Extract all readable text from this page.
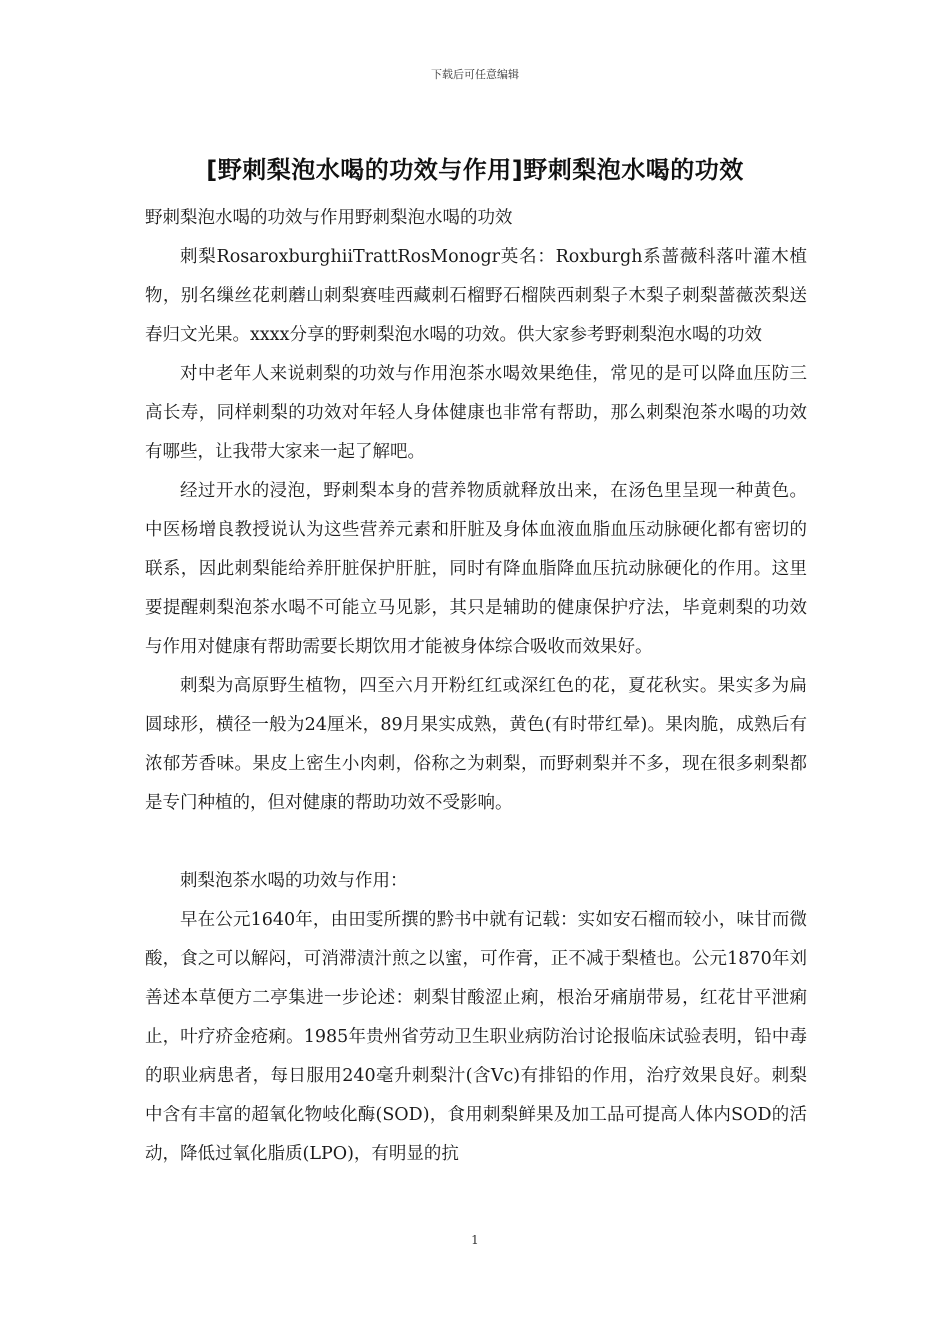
下载后可任意编辑
[野刺梨泡水喝的功效与作用]野刺梨泡水喝的功效

野刺梨泡水喝的功效与作用野刺梨泡水喝的功效

刺梨RosaroxburghiiTrattRosMonogr英名：Roxburgh系蔷薇科落叶灌木植物，别名缫丝花刺蘑山刺梨赛哇西藏刺石榴野石榴陕西刺梨子木梨子刺梨蔷薇茨梨送春归文光果。xxxx分享的野刺梨泡水喝的功效。供大家参考野刺梨泡水喝的功效

对中老年人来说刺梨的功效与作用泡茶水喝效果绝佳，常见的是可以降血压防三高长寿，同样刺梨的功效对年轻人身体健康也非常有帮助，那么刺梨泡茶水喝的功效有哪些，让我带大家来一起了解吧。

经过开水的浸泡，野刺梨本身的营养物质就释放出来，在汤色里呈现一种黄色。中医杨增良教授说认为这些营养元素和肝脏及身体血液血脂血压动脉硬化都有密切的联系，因此刺梨能给养肝脏保护肝脏，同时有降血脂降血压抗动脉硬化的作用。这里要提醒刺梨泡茶水喝不可能立马见影，其只是辅助的健康保护疗法，毕竟刺梨的功效与作用对健康有帮助需要长期饮用才能被身体综合吸收而效果好。

刺梨为高原野生植物，四至六月开粉红红或深红色的花，夏花秋实。果实多为扁圆球形，横径一般为24厘米，89月果实成熟，黄色(有时带红晕)。果肉脆，成熟后有浓郁芳香味。果皮上密生小肉刺，俗称之为刺梨，而野刺梨并不多，现在很多刺梨都是专门种植的，但对健康的帮助功效不受影响。

刺梨泡茶水喝的功效与作用：

早在公元1640年，由田雯所撰的黔书中就有记载：实如安石榴而较小，味甘而微酸，食之可以解闷，可消滞渍汁煎之以蜜，可作膏，正不减于梨楂也。公元1870年刘善述本草便方二亭集进一步论述：刺梨甘酸涩止痢，根治牙痛崩带易，红花甘平泄痢止，叶疗疥金疮痢。1985年贵州省劳动卫生职业病防治讨论报临床试验表明，铅中毒的职业病患者，每日服用240毫升刺梨汁(含Vc)有排铅的作用，治疗效果良好。刺梨中含有丰富的超氧化物岐化酶(SOD)，食用刺梨鲜果及加工品可提高人体内SOD的活动，降低过氧化脂质(LPO)，有明显的抗

1
